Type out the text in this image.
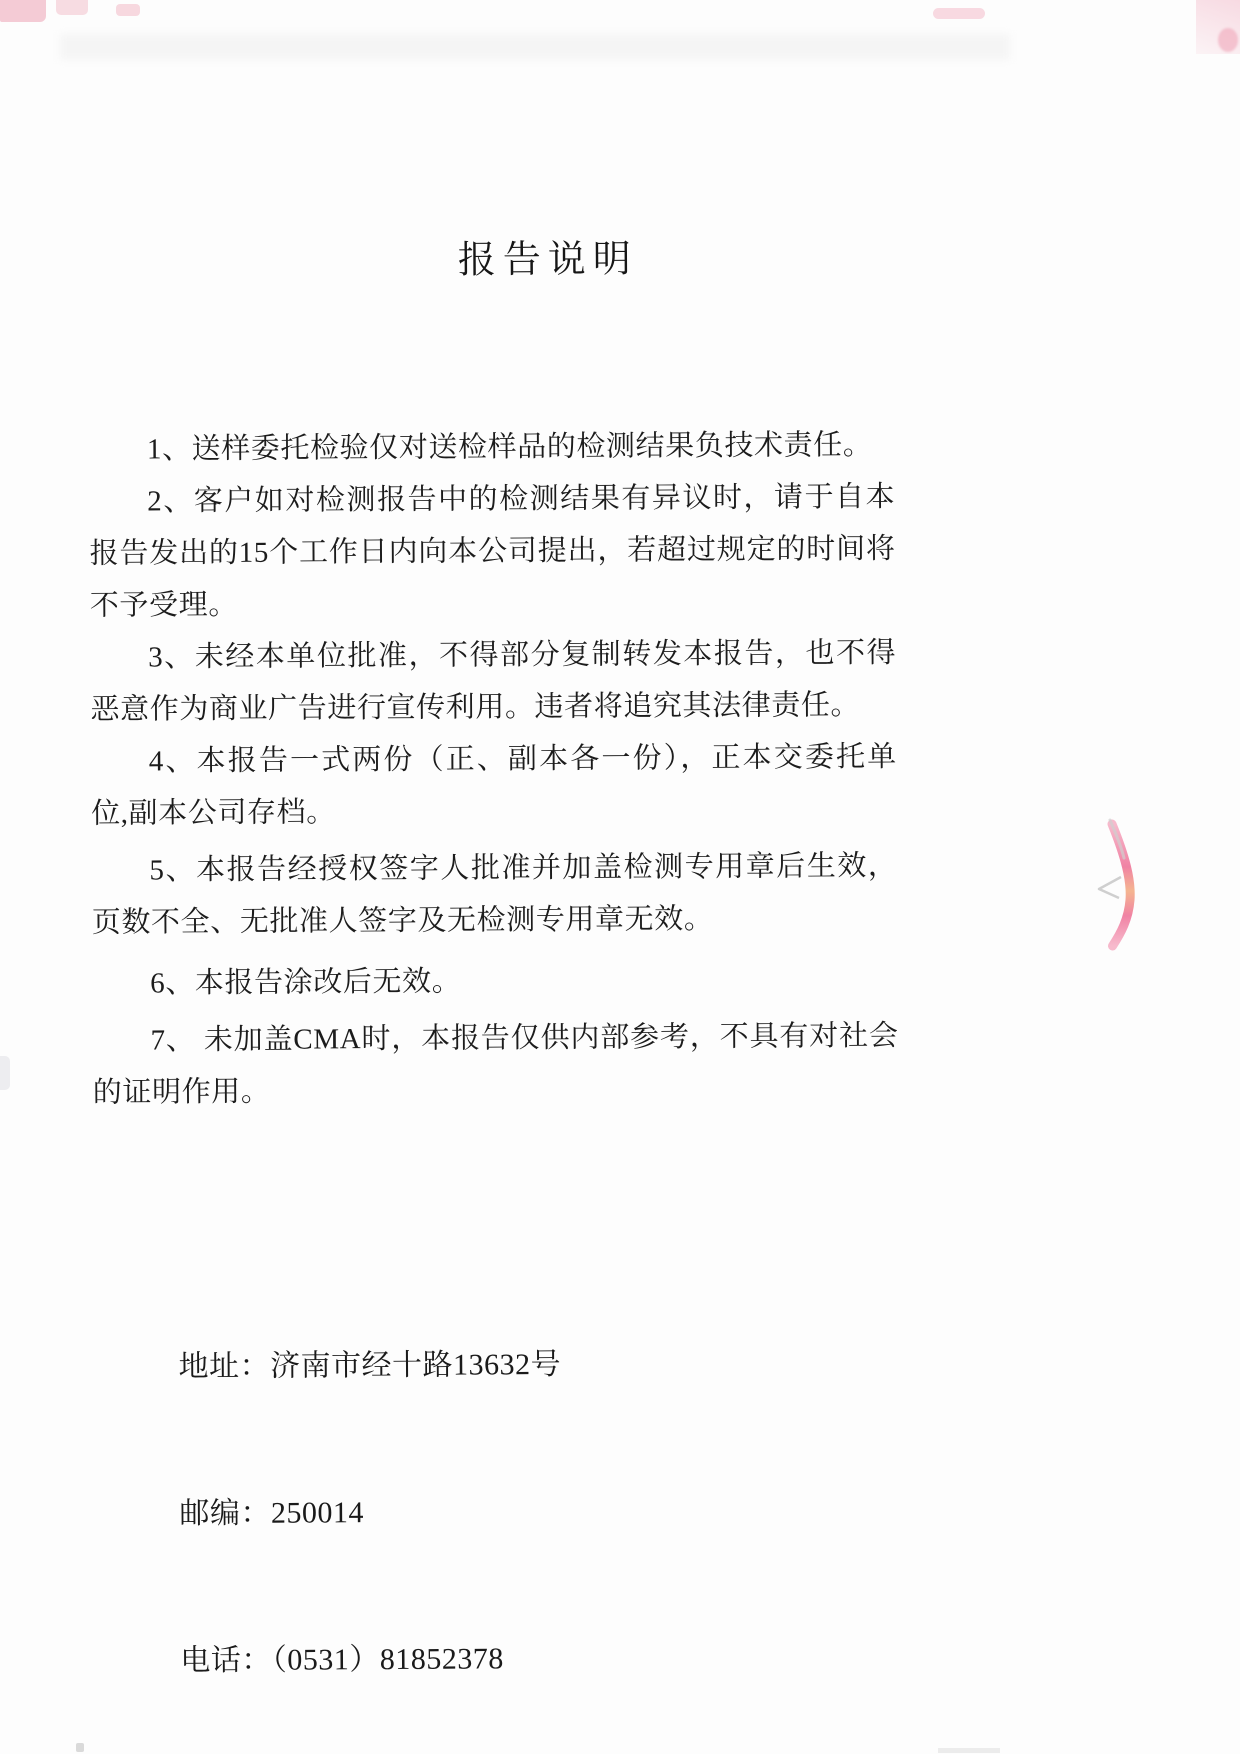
报告说明

1、送样委托检验仅对送检样品的检测结果负技术责任。

2、客户如对检测报告中的检测结果有异议时，请于自本报告发出的15个工作日内向本公司提出，若超过规定的时间将不予受理。

3、未经本单位批准，不得部分复制转发本报告，也不得恶意作为商业广告进行宣传利用。违者将追究其法律责任。

4、本报告一式两份（正、副本各一份），正本交委托单位,副本公司存档。

5、本报告经授权签字人批准并加盖检测专用章后生效，页数不全、无批准人签字及无检测专用章无效。

6、本报告涂改后无效。

7、 未加盖CMA时，本报告仅供内部参考，不具有对社会的证明作用。

地址：济南市经十路13632号

邮编：250014

电话：（0531）81852378
